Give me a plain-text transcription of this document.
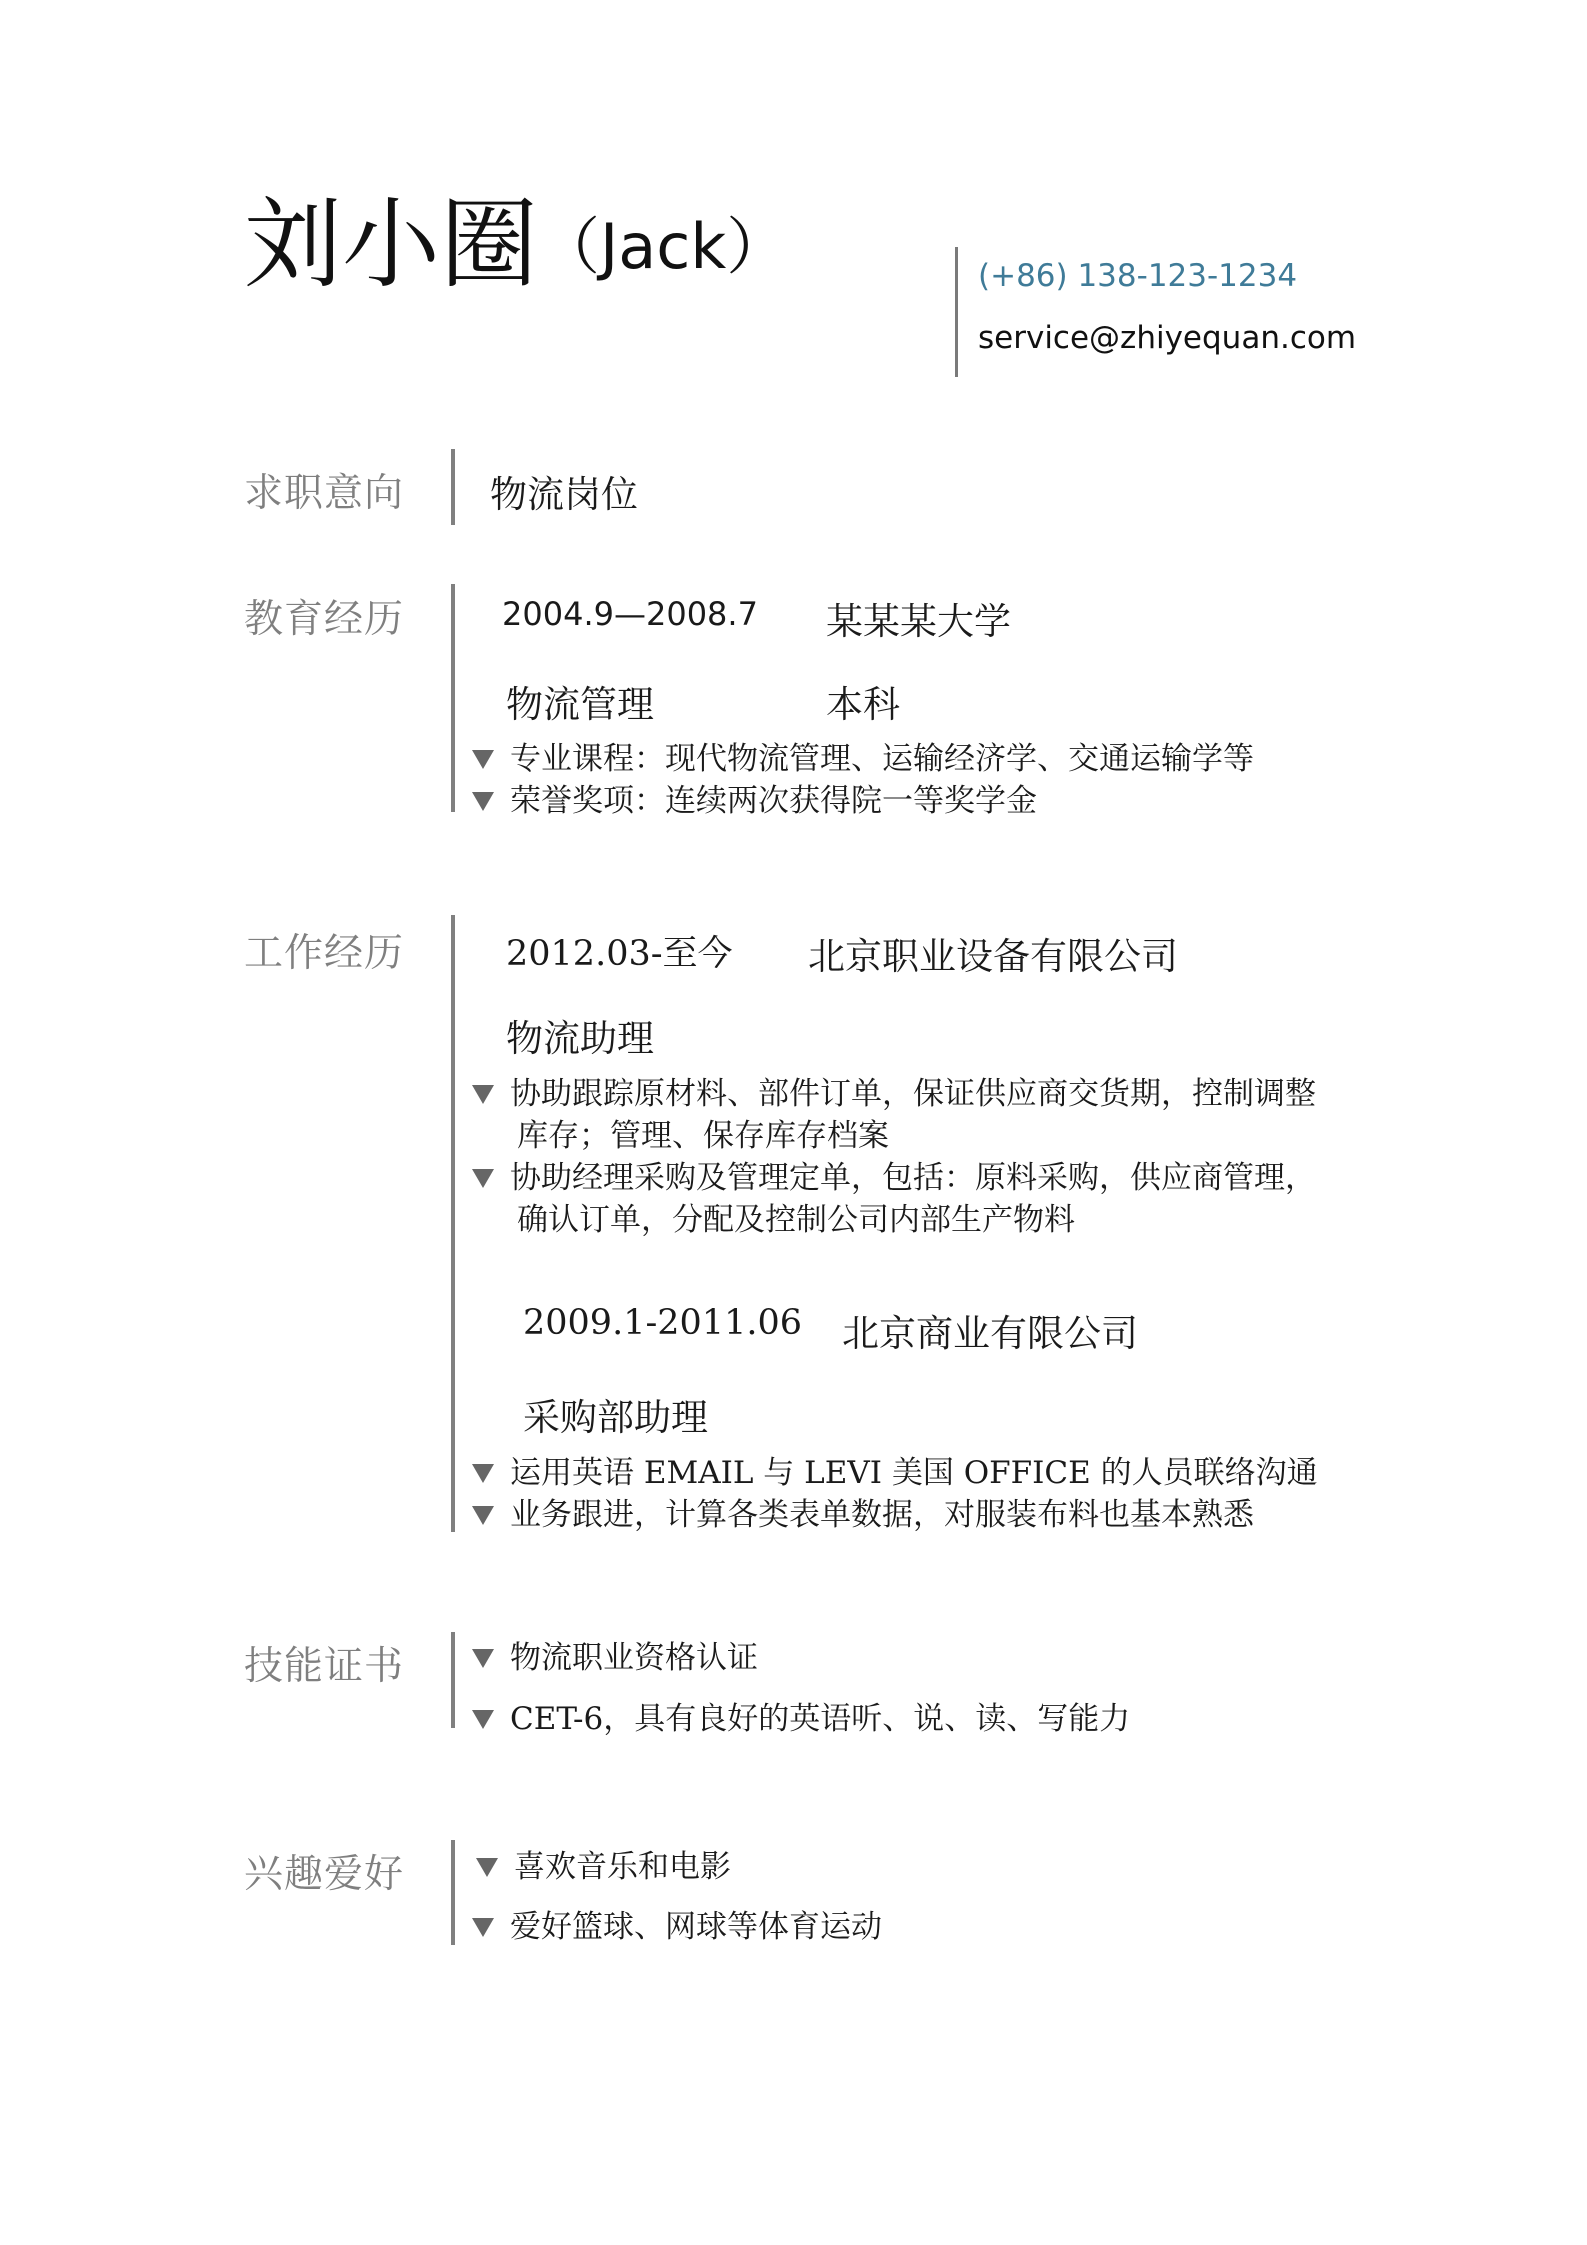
刘小圈（Jack）	(+86) 138-123-1234
service@zhiyequan.com
求职意向 物流岗位
教育经历	2004.9—2008.7 某某某大学
物流管理	本科
专业课程：现代物流管理、运输经济学、交通运输学等
荣誉奖项：连续两次获得院一等奖学金
工作经历	2012.03-至今 北京职业设备有限公司
物流助理
协助跟踪原材料、部件订单，保证供应商交货期，控制调整
库存；管理、保存库存档案
协助经理采购及管理定单，包括：原料采购，供应商管理，
确认订单，分配及控制公司内部生产物料
2009.1-2011.06 北京商业有限公司
采购部助理
运用英语 EMAIL 与 LEVI 美国 OFFICE 的人员联络沟通
业务跟进，计算各类表单数据，对服装布料也基本熟悉
技能证书	物流职业资格认证
CET-6，具有良好的英语听、说、读、写能力
兴趣爱好	喜欢音乐和电影
爱好篮球、网球等体育运动
